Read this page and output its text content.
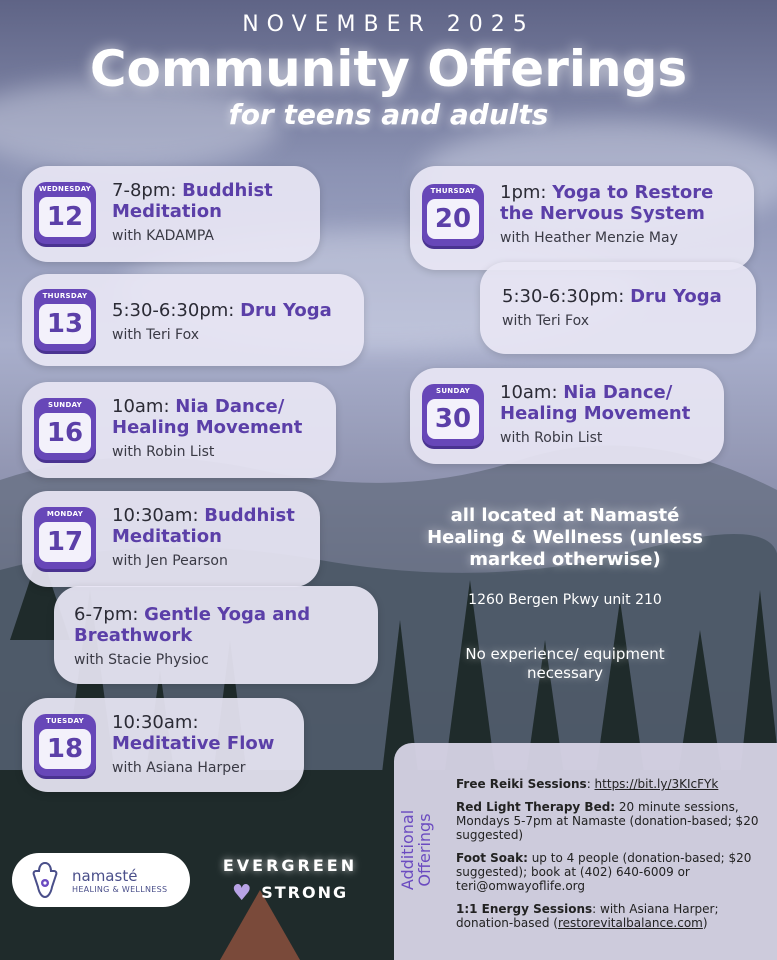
NOVEMBER 2025
Community Offerings
for teens and adults
WEDNESDAY
12
7-8pm: Buddhist Meditation
with KADAMPA
THURSDAY
13	5:30-6:30pm: Dru Yoga
with Teri Fox
SUNDAY
16
10am: Nia Dance/ Healing Movement
with Robin List
MONDAY
17
10:30am: Buddhist Meditation
with Jen Pearson
6-7pm: Gentle Yoga and Breathwork
with Stacie Physioc
TUESDAY
18
10:30am: Meditative Flow
with Asiana Harper
THURSDAY
20
1pm: Yoga to Restore the Nervous System
with Heather Menzie May
5:30-6:30pm: Dru Yoga
with Teri Fox
SUNDAY
30
10am: Nia Dance/ Healing Movement
with Robin List
all located at Namasté Healing & Wellness (unless marked otherwise)
1260 Bergen Pkwy unit 210
No experience/ equipment necessary
Additional Offerings
Free Reiki Sessions: https://bit.ly/3KIcFYk
Red Light Therapy Bed: 20 minute sessions, Mondays 5-7pm at Namaste (donation-based; $20 suggested)
Foot Soak: up to 4 people (donation-based; $20 suggested); book at (402) 640-6009 or teri@omwayoflife.org
1:1 Energy Sessions: with Asiana Harper; donation-based (restorevitalbalance.com)
namasté
HEALING & WELLNESS
EVERGREEN
♥ STRONG
